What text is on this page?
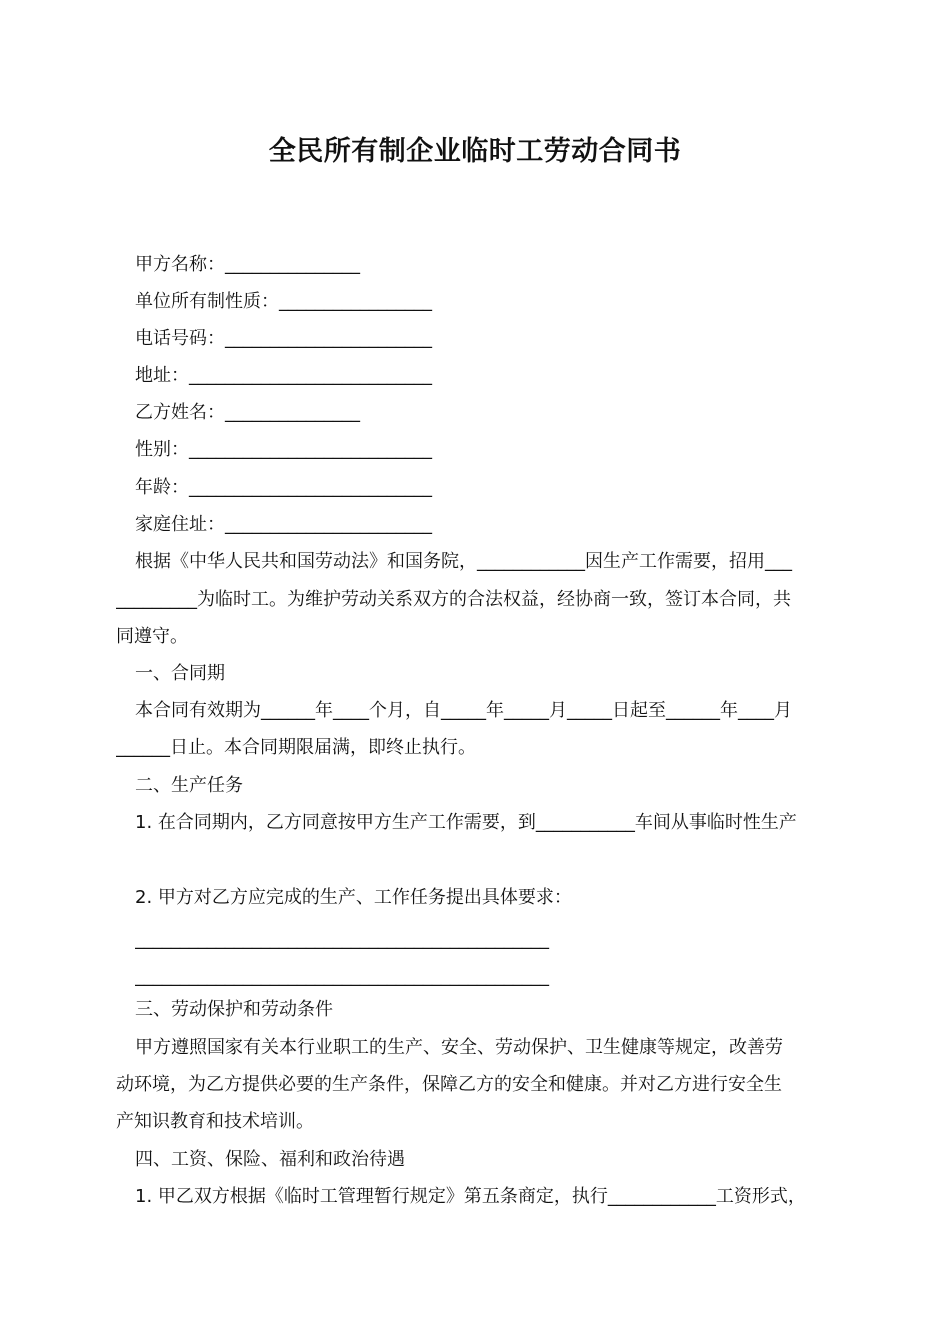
全民所有制企业临时工劳动合同书
甲方名称：_______________
单位所有制性质：_________________
电话号码：_______________________
地址：___________________________
乙方姓名：_______________
性别：___________________________
年龄：___________________________
家庭住址：_______________________
根据《中华人民共和国劳动法》和国务院，____________因生产工作需要，招用___
_________为临时工。为维护劳动关系双方的合法权益，经协商一致，签订本合同，共
同遵守。
一、合同期
本合同有效期为______年____个月，自_____年_____月_____日起至______年____月
______日止。本合同期限届满，即终止执行。
二、生产任务
1. 在合同期内，乙方同意按甲方生产工作需要，到___________车间从事临时性生产
2. 甲方对乙方应完成的生产、工作任务提出具体要求：
______________________________________________
______________________________________________
三、劳动保护和劳动条件
甲方遵照国家有关本行业职工的生产、安全、劳动保护、卫生健康等规定，改善劳
动环境，为乙方提供必要的生产条件，保障乙方的安全和健康。并对乙方进行安全生
产知识教育和技术培训。
四、工资、保险、福利和政治待遇
1. 甲乙双方根据《临时工管理暂行规定》第五条商定，执行____________工资形式，
